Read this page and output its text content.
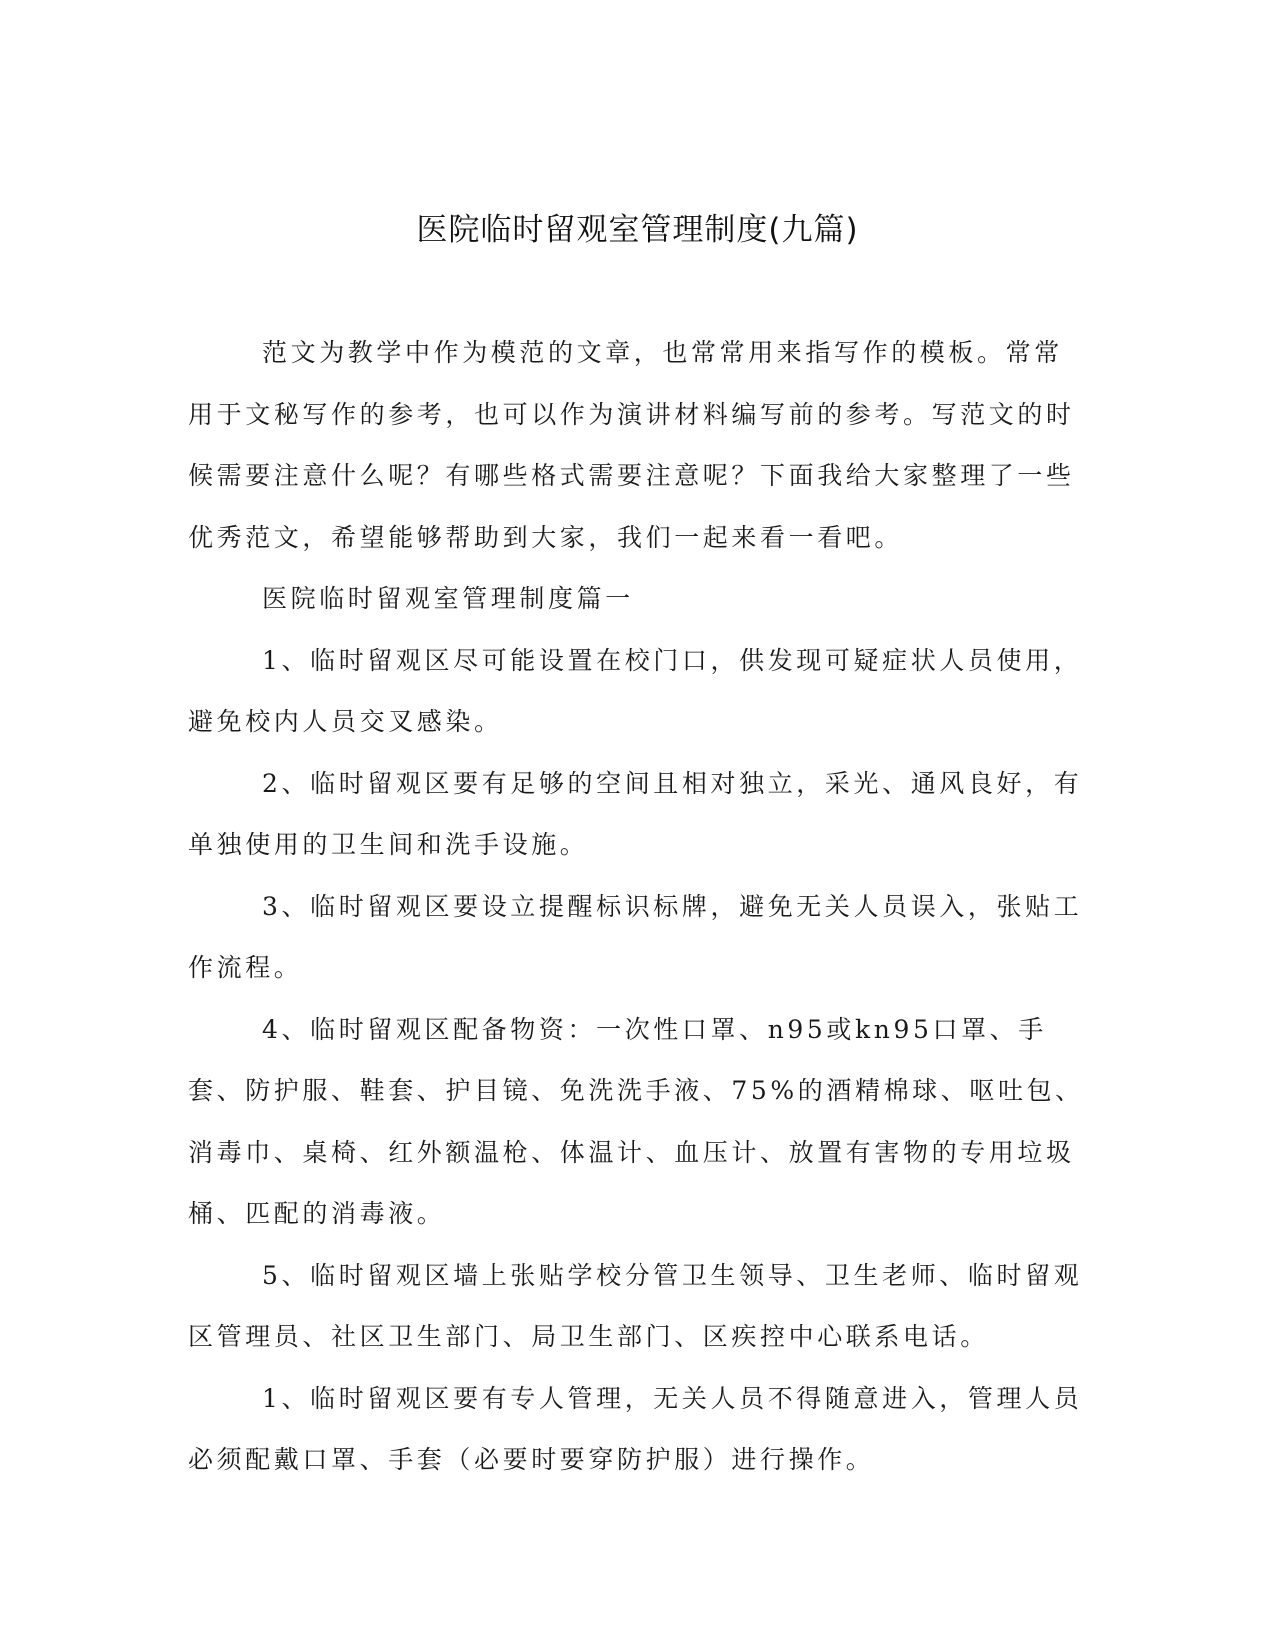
医院临时留观室管理制度(九篇)

范文为教学中作为模范的文章，也常常用来指写作的模板。常常用于文秘写作的参考，也可以作为演讲材料编写前的参考。写范文的时候需要注意什么呢？有哪些格式需要注意呢？下面我给大家整理了一些优秀范文，希望能够帮助到大家，我们一起来看一看吧。

医院临时留观室管理制度篇一

1、临时留观区尽可能设置在校门口，供发现可疑症状人员使用，避免校内人员交叉感染。

2、临时留观区要有足够的空间且相对独立，采光、通风良好，有单独使用的卫生间和洗手设施。

3、临时留观区要设立提醒标识标牌，避免无关人员误入，张贴工作流程。

4、临时留观区配备物资：一次性口罩、n95或kn95口罩、手套、防护服、鞋套、护目镜、免洗洗手液、75%的酒精棉球、呕吐包、消毒巾、桌椅、红外额温枪、体温计、血压计、放置有害物的专用垃圾桶、匹配的消毒液。

5、临时留观区墙上张贴学校分管卫生领导、卫生老师、临时留观区管理员、社区卫生部门、局卫生部门、区疾控中心联系电话。

1、临时留观区要有专人管理，无关人员不得随意进入，管理人员必须配戴口罩、手套（必要时要穿防护服）进行操作。
